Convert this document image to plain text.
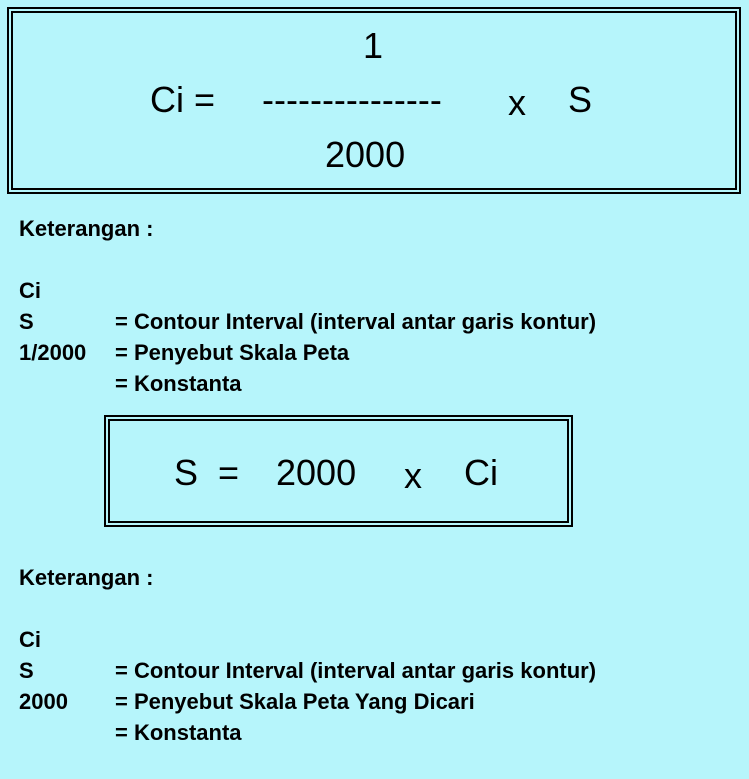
1
Ci = --------------- x S
2000
Keterangan :

Ci

= Contour Interval (interval antar garis kontur)

S

= Penyebut Skala Peta

1/2000

= Konstanta

S = 2000 x Ci
Keterangan :

Ci

= Contour Interval (interval antar garis kontur)

S

= Penyebut Skala Peta Yang Dicari

2000

= Konstanta
